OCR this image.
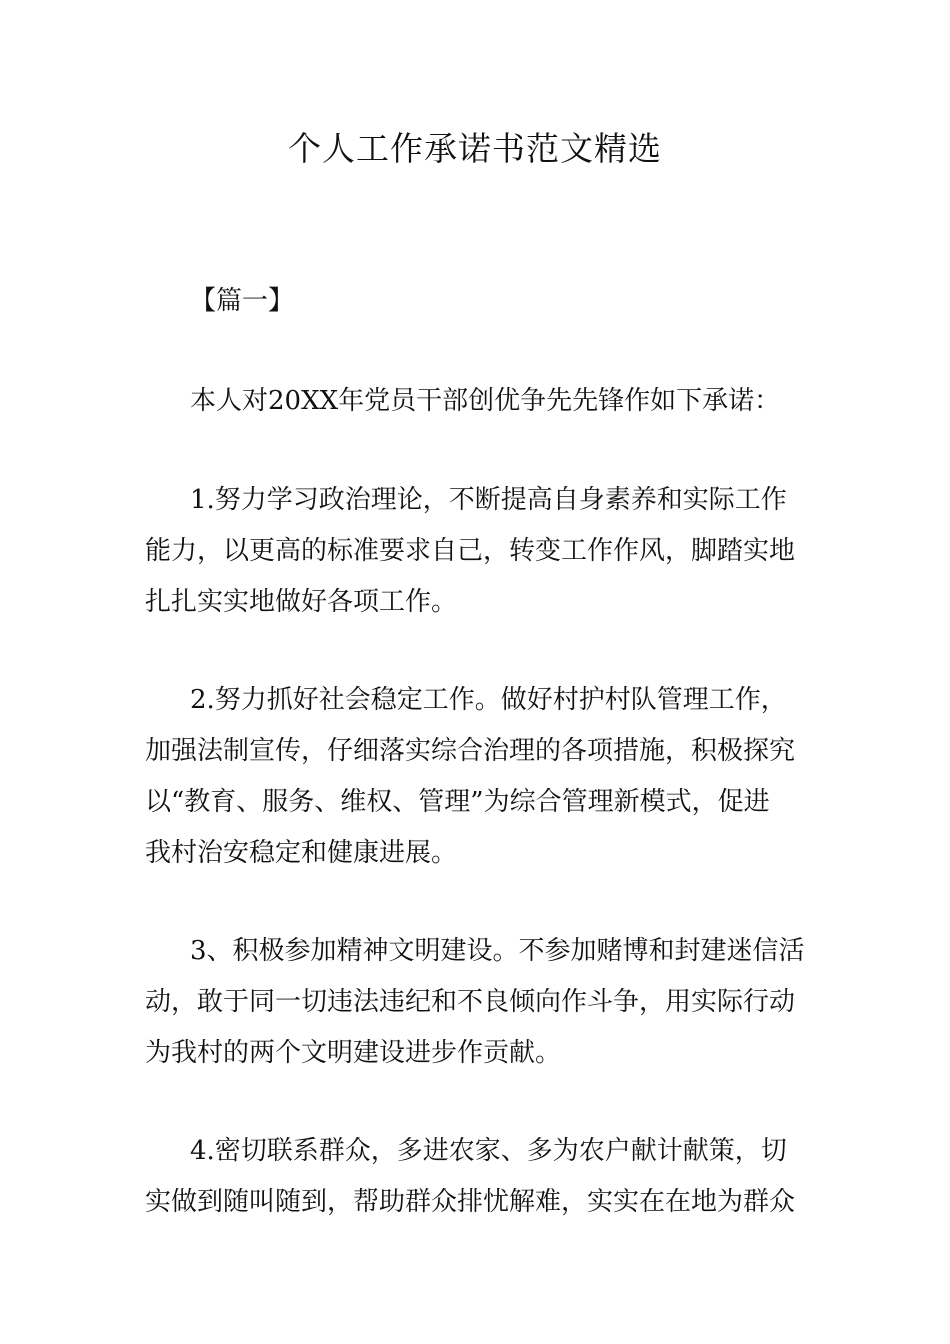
个人工作承诺书范文精选

【篇一】

本人对20XX年党员干部创优争先先锋作如下承诺：

1.努力学习政治理论，不断提高自身素养和实际工作

能力，以更高的标准要求自己，转变工作作风，脚踏实地

扎扎实实地做好各项工作。

2.努力抓好社会稳定工作。做好村护村队管理工作，

加强法制宣传，仔细落实综合治理的各项措施，积极探究

以“教育、服务、维权、管理”为综合管理新模式，促进

我村治安稳定和健康进展。

3、积极参加精神文明建设。不参加赌博和封建迷信活

动，敢于同一切违法违纪和不良倾向作斗争，用实际行动

为我村的两个文明建设进步作贡献。

4.密切联系群众，多进农家、多为农户献计献策，切

实做到随叫随到，帮助群众排忧解难，实实在在地为群众
